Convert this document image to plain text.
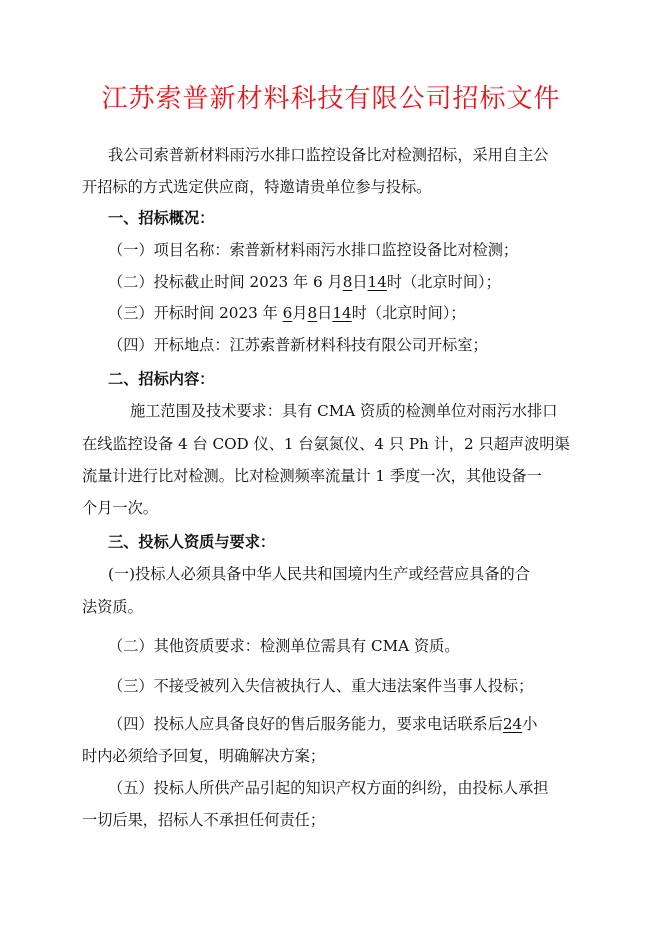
江苏索普新材料科技有限公司招标文件
我公司索普新材料雨污水排口监控设备比对检测招标，采用自主公
开招标的方式选定供应商，特邀请贵单位参与投标。
一、招标概况：
（一）项目名称：索普新材料雨污水排口监控设备比对检测；
（二）投标截止时间 2023 年 6 月8日14时（北京时间）；
（三）开标时间 2023 年 6月8日14时（北京时间）；
（四）开标地点：江苏索普新材料科技有限公司开标室；
二、招标内容：
施工范围及技术要求：具有 CMA 资质的检测单位对雨污水排口
在线监控设备 4 台 COD 仪、1 台氨氮仪、4 只 Ph 计，2 只超声波明渠
流量计进行比对检测。比对检测频率流量计 1 季度一次，其他设备一
个月一次。
三、投标人资质与要求：
(一)投标人必须具备中华人民共和国境内生产或经营应具备的合
法资质。
（二）其他资质要求：检测单位需具有 CMA 资质。
（三）不接受被列入失信被执行人、重大违法案件当事人投标；
（四）投标人应具备良好的售后服务能力，要求电话联系后24小
时内必须给予回复，明确解决方案；
（五）投标人所供产品引起的知识产权方面的纠纷，由投标人承担
一切后果，招标人不承担任何责任；
